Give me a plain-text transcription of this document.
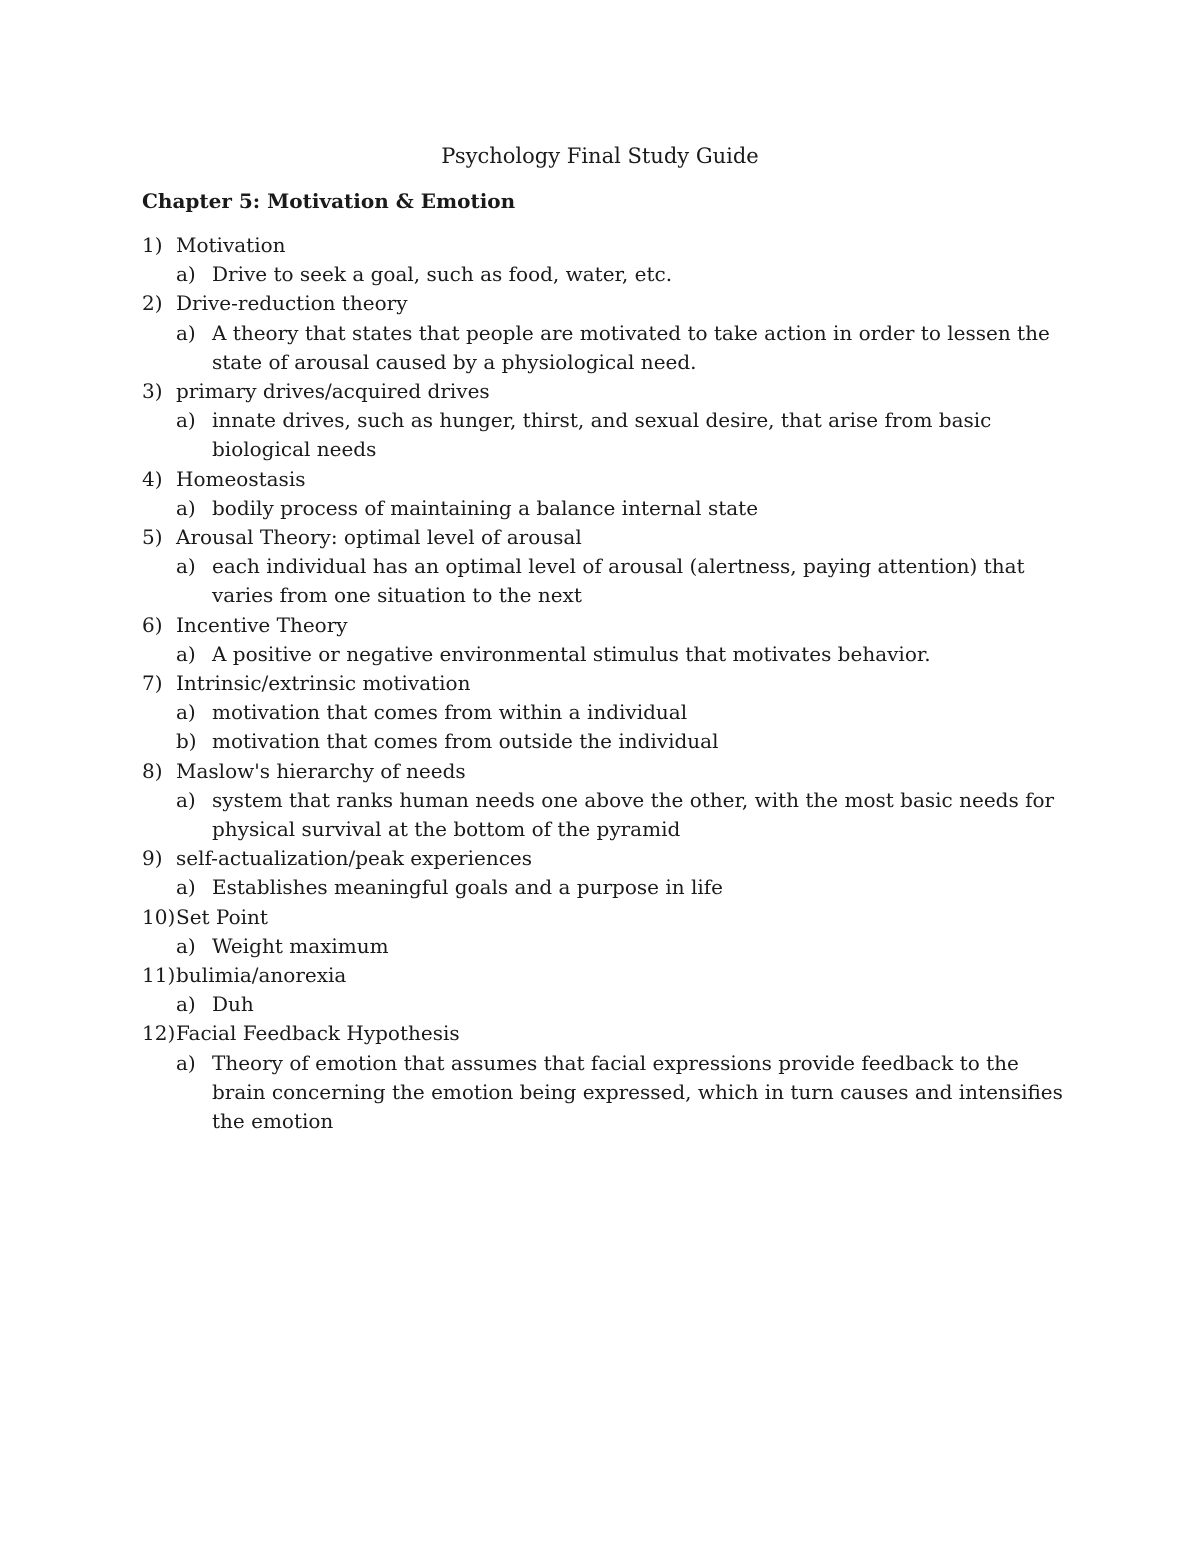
Psychology Final Study Guide
Chapter 5: Motivation & Emotion
1) Motivation
a) Drive to seek a goal, such as food, water, etc.
2) Drive-reduction theory
a) A theory that states that people are motivated to take action in order to lessen the state of arousal caused by a physiological need.
3) primary drives/acquired drives
a) innate drives, such as hunger, thirst, and sexual desire, that arise from basic biological needs
4) Homeostasis
a) bodily process of maintaining a balance internal state
5) Arousal Theory: optimal level of arousal
a) each individual has an optimal level of arousal (alertness, paying attention) that varies from one situation to the next
6) Incentive Theory
a) A positive or negative environmental stimulus that motivates behavior.
7) Intrinsic/extrinsic motivation
a) motivation that comes from within a individual
b) motivation that comes from outside the individual
8) Maslow's hierarchy of needs
a) system that ranks human needs one above the other, with the most basic needs for physical survival at the bottom of the pyramid
9) self-actualization/peak experiences
a) Establishes meaningful goals and a purpose in life
10) Set Point
a) Weight maximum
11) bulimia/anorexia
a) Duh
12) Facial Feedback Hypothesis
a) Theory of emotion that assumes that facial expressions provide feedback to the brain concerning the emotion being expressed, which in turn causes and intensifies the emotion
